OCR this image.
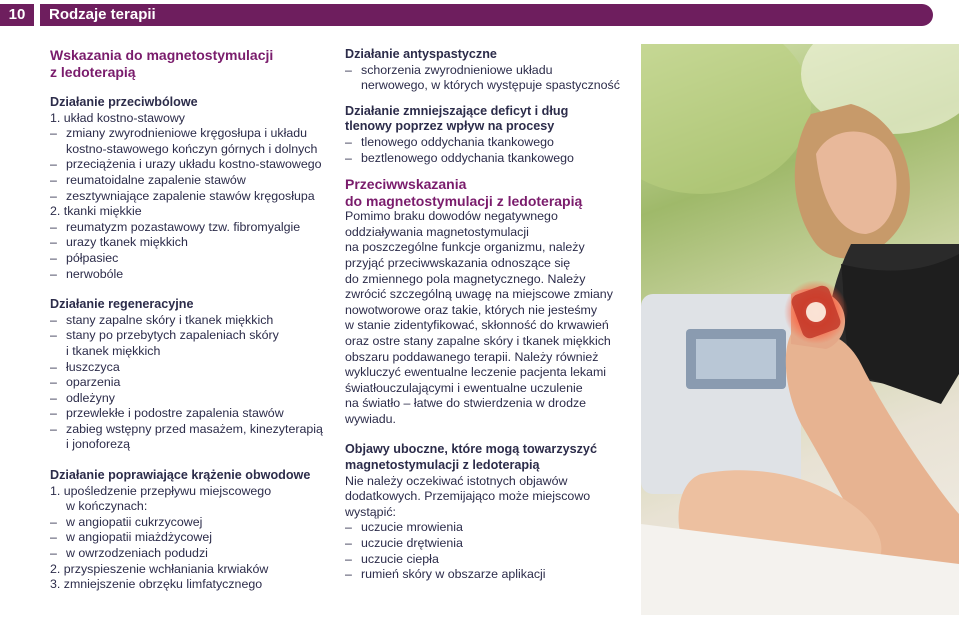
10	Rodzaje terapii

Wskazania do magnetostymulacji

z ledoterapią

Działanie przeciwbólowe

1. układ kostno-stawowy

– zmiany zwyrodnieniowe kręgosłupa i układu

kostno-stawowego kończyn górnych i dolnych

– przeciążenia i urazy układu kostno-stawowego

– reumatoidalne zapalenie stawów

– zesztywniające zapalenie stawów kręgosłupa

2. tkanki miękkie

– reumatyzm pozastawowy tzw. fibromyalgie

– urazy tkanek miękkich

– półpasiec

– nerwobóle

Działanie regeneracyjne

– stany zapalne skóry i tkanek miękkich

– stany po przebytych zapaleniach skóry

i tkanek miękkich

– łuszczyca

– oparzenia

– odleżyny

– przewlekłe i podostre zapalenia stawów

– zabieg wstępny przed masażem, kinezyterapią

i jonoforezą

Działanie poprawiające krążenie obwodowe

1. upośledzenie przepływu miejscowego

w kończynach:

– w angiopatii cukrzycowej

– w angiopatii miażdżycowej

– w owrzodzeniach podudzi

2. przyspieszenie wchłaniania krwiaków

3. zmniejszenie obrzęku limfatycznego

Działanie antyspastyczne

– schorzenia zwyrodnieniowe układu

nerwowego, w których występuje spastyczność

Działanie zmniejszające deficyt i dług

tlenowy poprzez wpływ na procesy

– tlenowego oddychania tkankowego

– beztlenowego oddychania tkankowego

Przeciwwskazania

do magnetostymulacji z ledoterapią

Pomimo braku dowodów negatywnego

oddziaływania magnetostymulacji

na poszczególne funkcje organizmu, należy

przyjąć przeciwwskazania odnoszące się

do zmiennego pola magnetycznego. Należy

zwrócić szczególną uwagę na miejscowe zmiany

nowotworowe oraz takie, których nie jesteśmy

w stanie zidentyfikować, skłonność do krwawień

oraz ostre stany zapalne skóry i tkanek miękkich

obszaru poddawanego terapii. Należy również

wykluczyć ewentualne leczenie pacjenta lekami

światłouczulającymi i ewentualne uczulenie

na światło – łatwe do stwierdzenia w drodze

wywiadu.

Objawy uboczne, które mogą towarzyszyć

magnetostymulacji z ledoterapią

Nie należy oczekiwać istotnych objawów

dodatkowych. Przemijająco może miejscowo

wystąpić:

– uczucie mrowienia

– uczucie drętwienia

– uczucie ciepła

– rumień skóry w obszarze aplikacji
